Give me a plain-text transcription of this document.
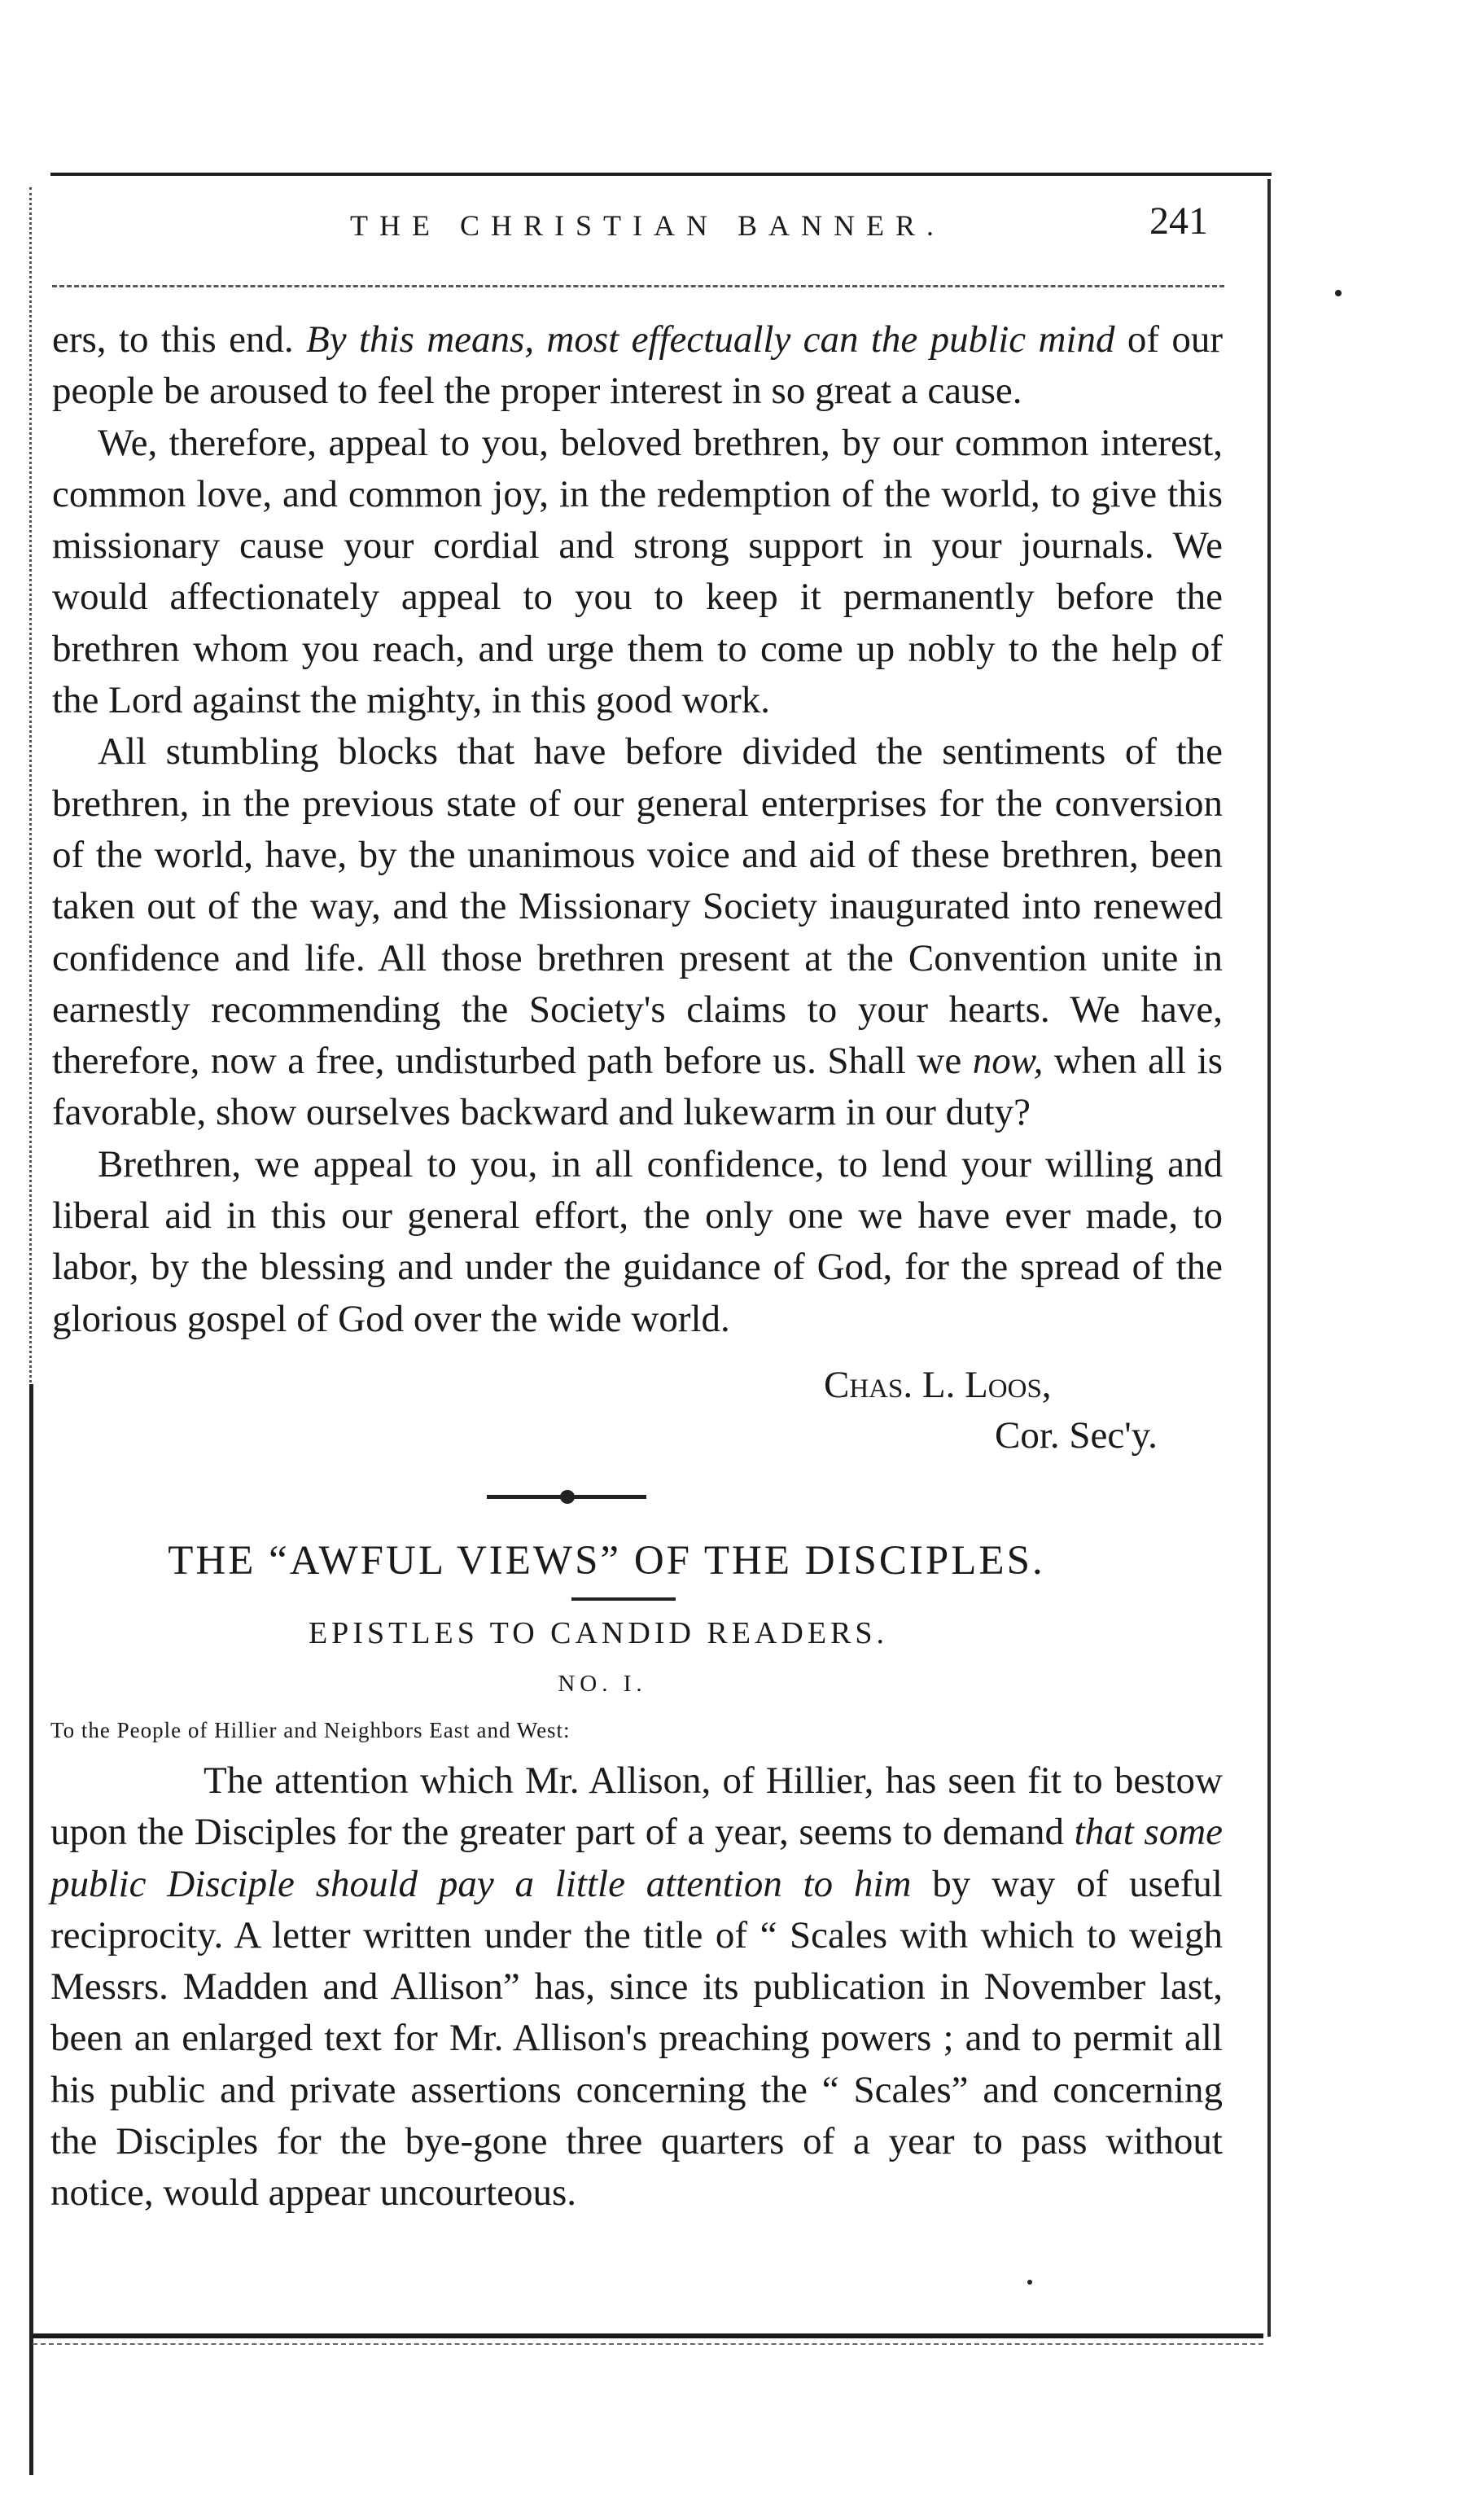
THE CHRISTIAN BANNER.	241

ers, to this end. By this means, most effectually can the public mind of our people be aroused to feel the proper interest in so great a cause.

We, therefore, appeal to you, beloved brethren, by our common interest, common love, and common joy, in the redemption of the world, to give this missionary cause your cordial and strong support in your journals. We would affectionately appeal to you to keep it permanently before the brethren whom you reach, and urge them to come up nobly to the help of the Lord against the mighty, in this good work.

All stumbling blocks that have before divided the sentiments of the brethren, in the previous state of our general enterprises for the conversion of the world, have, by the unanimous voice and aid of these brethren, been taken out of the way, and the Missionary Society inaugurated into renewed confidence and life. All those brethren present at the Convention unite in earnestly recommending the Society's claims to your hearts. We have, therefore, now a free, undisturbed path before us. Shall we now, when all is favorable, show ourselves backward and lukewarm in our duty?

Brethren, we appeal to you, in all confidence, to lend your willing and liberal aid in this our general effort, the only one we have ever made, to labor, by the blessing and under the guidance of God, for the spread of the glorious gospel of God over the wide world.

Chas. L. Loos,
Cor. Sec'y.
THE “AWFUL VIEWS” OF THE DISCIPLES.
EPISTLES TO CANDID READERS.
NO. I.
To the People of Hillier and Neighbors East and West:

The attention which Mr. Allison, of Hillier, has seen fit to bestow upon the Disciples for the greater part of a year, seems to demand that some public Disciple should pay a little attention to him by way of useful reciprocity. A letter written under the title of “ Scales with which to weigh Messrs. Madden and Allison” has, since its publication in November last, been an enlarged text for Mr. Allison's preaching powers ; and to permit all his public and private assertions concerning the “ Scales” and concerning the Disciples for the bye-gone three quarters of a year to pass without notice, would appear uncourteous.
